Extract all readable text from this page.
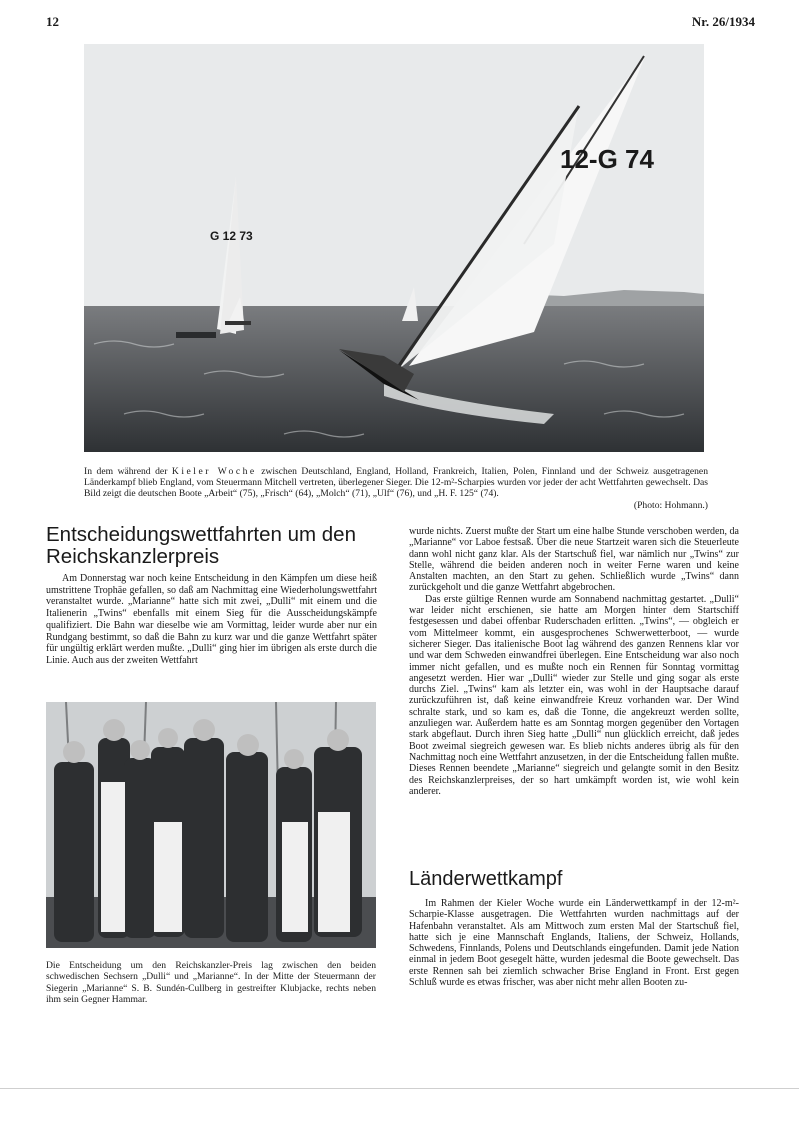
12	Nr. 26/1934
12-G 74
G 12 73
In dem während der Kieler Woche zwischen Deutschland, England, Holland, Frankreich, Italien, Polen, Finnland und der Schweiz ausgetragenen Länderkampf blieb England, vom Steuermann Mitchell vertreten, überlegener Sieger. Die 12-m²-Scharpies wurden vor jeder der acht Wettfahrten gewechselt. Das Bild zeigt die deutschen Boote „Arbeit“ (75), „Frisch“ (64), „Molch“ (71), „Ulf“ (76), und „H. F. 125“ (74).
(Photo: Hohmann.)
Entscheidungswettfahrten um den Reichskanzlerpreis

Am Donnerstag war noch keine Entscheidung in den Kämpfen um diese heiß umstrittene Trophäe gefallen, so daß am Nachmittag eine Wiederholungswettfahrt veranstaltet wurde. „Marianne“ hatte sich mit zwei, „Dulli“ mit einem und die Italienerin „Twins“ ebenfalls mit einem Sieg für die Ausscheidungskämpfe qualifiziert. Die Bahn war dieselbe wie am Vormittag, leider wurde aber nur ein Rundgang bestimmt, so daß die Bahn zu kurz war und die ganze Wettfahrt später für ungültig erklärt werden mußte. „Dulli“ ging hier im übrigen als erste durch die Linie. Auch aus der zweiten Wettfahrt

Die Entscheidung um den Reichskanzler-Preis lag zwischen den beiden schwedischen Sechsern „Dulli“ und „Marianne“. In der Mitte der Steuermann der Siegerin „Marianne“ S. B. Sundén-Cullberg in gestreifter Klubjacke, rechts neben ihm sein Gegner Hammar.

wurde nichts. Zuerst mußte der Start um eine halbe Stunde verschoben werden, da „Marianne“ vor Laboe festsaß. Über die neue Startzeit waren sich die Steuerleute dann wohl nicht ganz klar. Als der Startschuß fiel, war nämlich nur „Twins“ zur Stelle, während die beiden anderen noch in weiter Ferne waren und keine Anstalten machten, an den Start zu gehen. Schließlich wurde „Twins“ dann zurückgeholt und die ganze Wettfahrt abgebrochen.

Das erste gültige Rennen wurde am Sonnabend nachmittag gestartet. „Dulli“ war leider nicht erschienen, sie hatte am Morgen hinter dem Startschiff festgesessen und dabei offenbar Ruderschaden erlitten. „Twins“, — obgleich er vom Mittelmeer kommt, ein ausgesprochenes Schwerwetterboot, — wurde sicherer Sieger. Das italienische Boot lag während des ganzen Rennens klar vor und war dem Schweden einwandfrei überlegen. Eine Entscheidung war also noch immer nicht gefallen, und es mußte noch ein Rennen für Sonntag vormittag angesetzt werden. Hier war „Dulli“ wieder zur Stelle und ging sogar als erste durchs Ziel. „Twins“ kam als letzter ein, was wohl in der Hauptsache darauf zurückzuführen ist, daß keine einwandfreie Kreuz vorhanden war. Der Wind schralte stark, und so kam es, daß die Tonne, die angekreuzt werden sollte, anzuliegen war. Außerdem hatte es am Sonntag morgen gegenüber den Vortagen stark abgeflaut. Durch ihren Sieg hatte „Dulli“ nun glücklich erreicht, daß jedes Boot zweimal siegreich gewesen war. Es blieb nichts anderes übrig als für den Nachmittag noch eine Wettfahrt anzusetzen, in der die Entscheidung fallen mußte. Dieses Rennen beendete „Marianne“ siegreich und gelangte somit in den Besitz des Reichskanzlerpreises, der so hart umkämpft worden ist, wie wohl kein anderer.

Länderwettkampf

Im Rahmen der Kieler Woche wurde ein Länderwettkampf in der 12-m²-Scharpie-Klasse ausgetragen. Die Wettfahrten wurden nachmittags auf der Hafenbahn veranstaltet. Als am Mittwoch zum ersten Mal der Startschuß fiel, hatte sich je eine Mannschaft Englands, Italiens, der Schweiz, Hollands, Schwedens, Finnlands, Polens und Deutschlands eingefunden. Damit jede Nation einmal in jedem Boot gesegelt hätte, wurden jedesmal die Boote gewechselt. Das erste Rennen sah bei ziemlich schwacher Brise England in Front. Erst gegen Schluß wurde es etwas frischer, was aber nicht mehr allen Booten zu-
